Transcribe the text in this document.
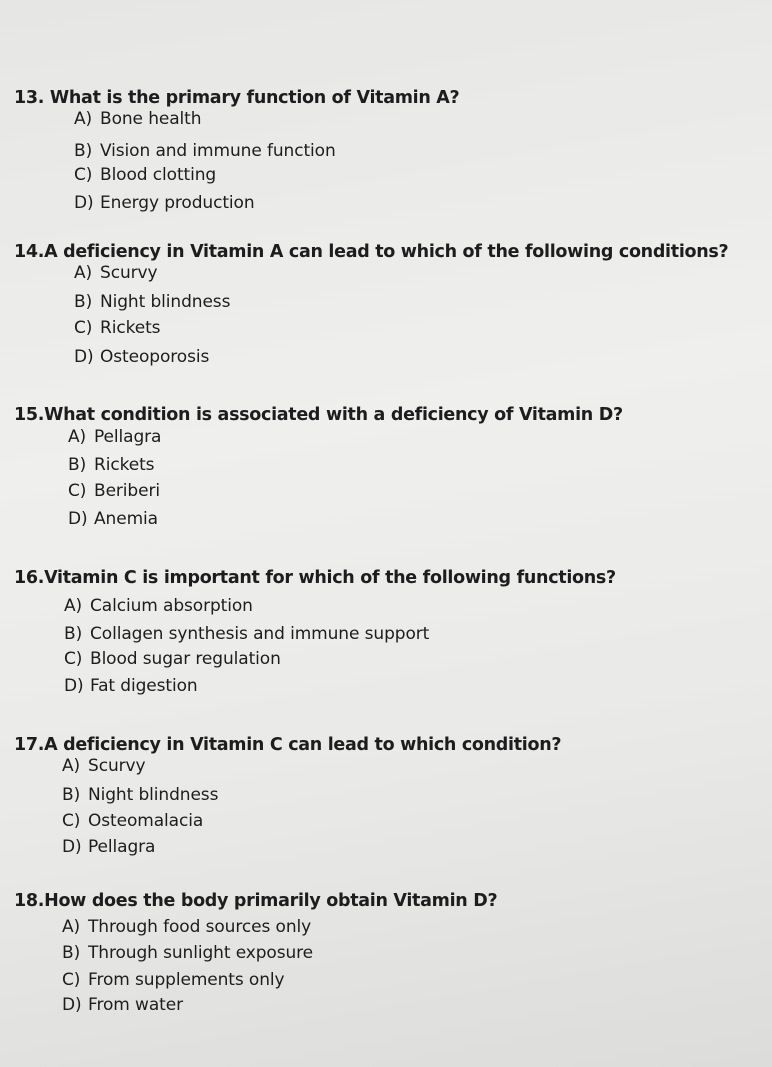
13. What is the primary function of Vitamin A?
A) Bone health
B) Vision and immune function
C) Blood clotting
D) Energy production
14.A deficiency in Vitamin A can lead to which of the following conditions?
A) Scurvy
B) Night blindness
C) Rickets
D) Osteoporosis
15.What condition is associated with a deficiency of Vitamin D?
A) Pellagra
B) Rickets
C) Beriberi
D) Anemia
16.Vitamin C is important for which of the following functions?
A) Calcium absorption
B) Collagen synthesis and immune support
C) Blood sugar regulation
D) Fat digestion
17.A deficiency in Vitamin C can lead to which condition?
A) Scurvy
B) Night blindness
C) Osteomalacia
D) Pellagra
18.How does the body primarily obtain Vitamin D?
A) Through food sources only
B) Through sunlight exposure
C) From supplements only
D) From water
